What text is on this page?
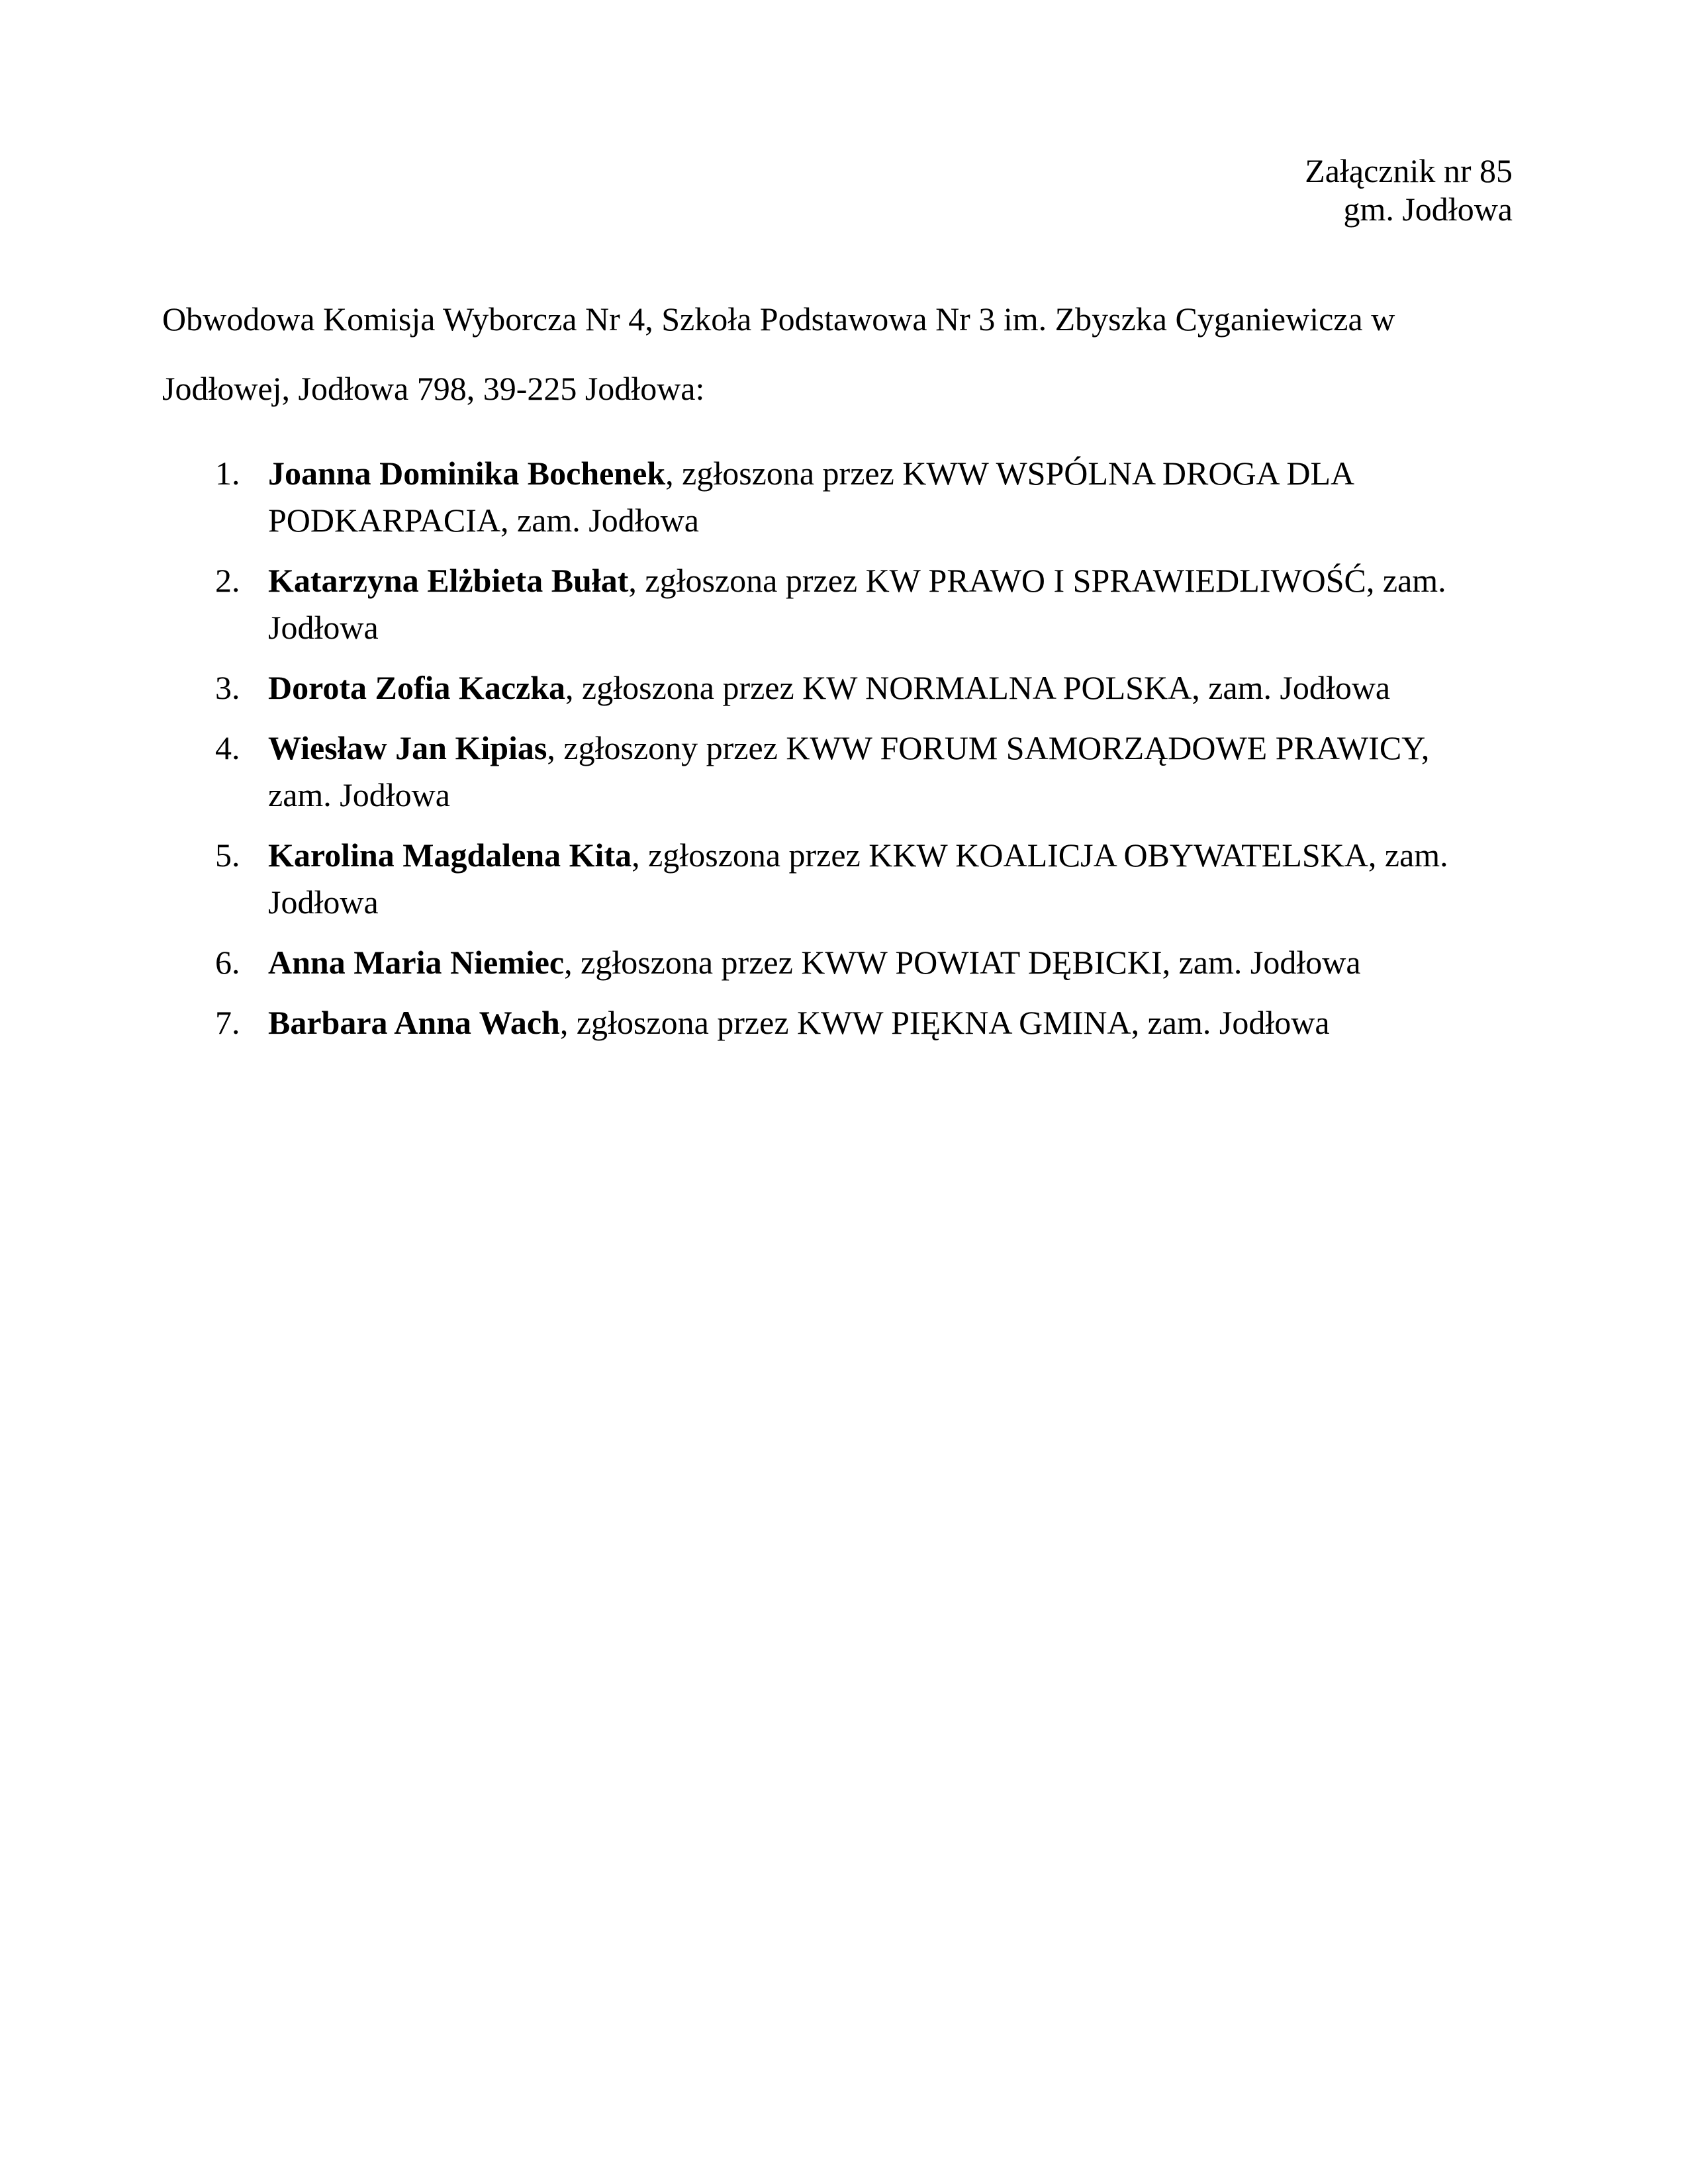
Załącznik nr 85
gm. Jodłowa

Obwodowa Komisja Wyborcza Nr 4, Szkoła Podstawowa Nr 3 im. Zbyszka Cyganiewicza w Jodłowej, Jodłowa 798, 39-225 Jodłowa:

Joanna Dominika Bochenek, zgłoszona przez KWW WSPÓLNA DROGA DLA
PODKARPACIA, zam. Jodłowa
Katarzyna Elżbieta Bułat, zgłoszona przez KW PRAWO I SPRAWIEDLIWOŚĆ, zam. Jodłowa
Dorota Zofia Kaczka, zgłoszona przez KW NORMALNA POLSKA, zam. Jodłowa
Wiesław Jan Kipias, zgłoszony przez KWW FORUM SAMORZĄDOWE PRAWICY,
zam. Jodłowa
Karolina Magdalena Kita, zgłoszona przez KKW KOALICJA OBYWATELSKA, zam. Jodłowa
Anna Maria Niemiec, zgłoszona przez KWW POWIAT DĘBICKI, zam. Jodłowa
Barbara Anna Wach, zgłoszona przez KWW PIĘKNA GMINA, zam. Jodłowa
